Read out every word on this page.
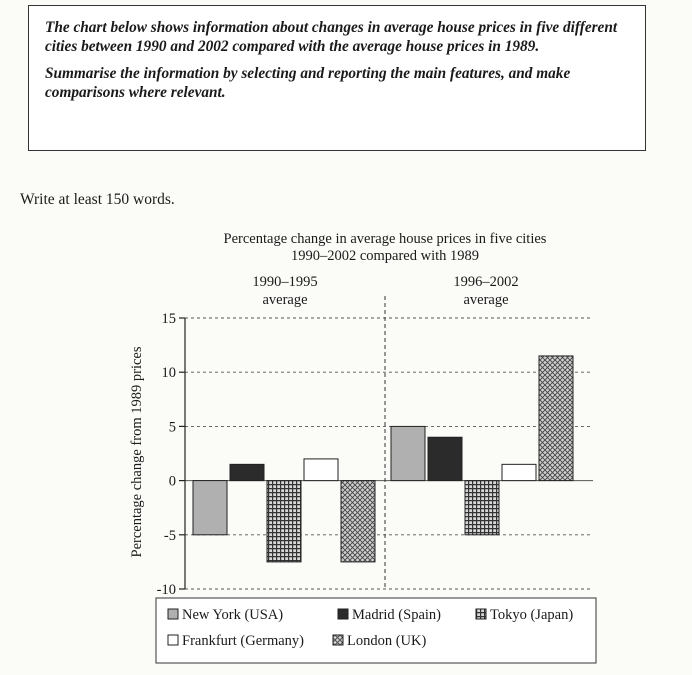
The chart below shows information about changes in average house prices in five different cities between 1990 and 2002 compared with the average house prices in 1989.

Summarise the information by selecting and reporting the main features, and make comparisons where relevant.

Write at least 150 words.

Percentage change in average house prices in five cities
1990–2002 compared with 1989
1990–1995
average
1996–2002
average
15
10
5
0
-5
-10
New York (USA)	Madrid (Spain)	Tokyo (Japan)
Frankfurt (Germany)	London (UK)
Percentage change from 1989 prices
